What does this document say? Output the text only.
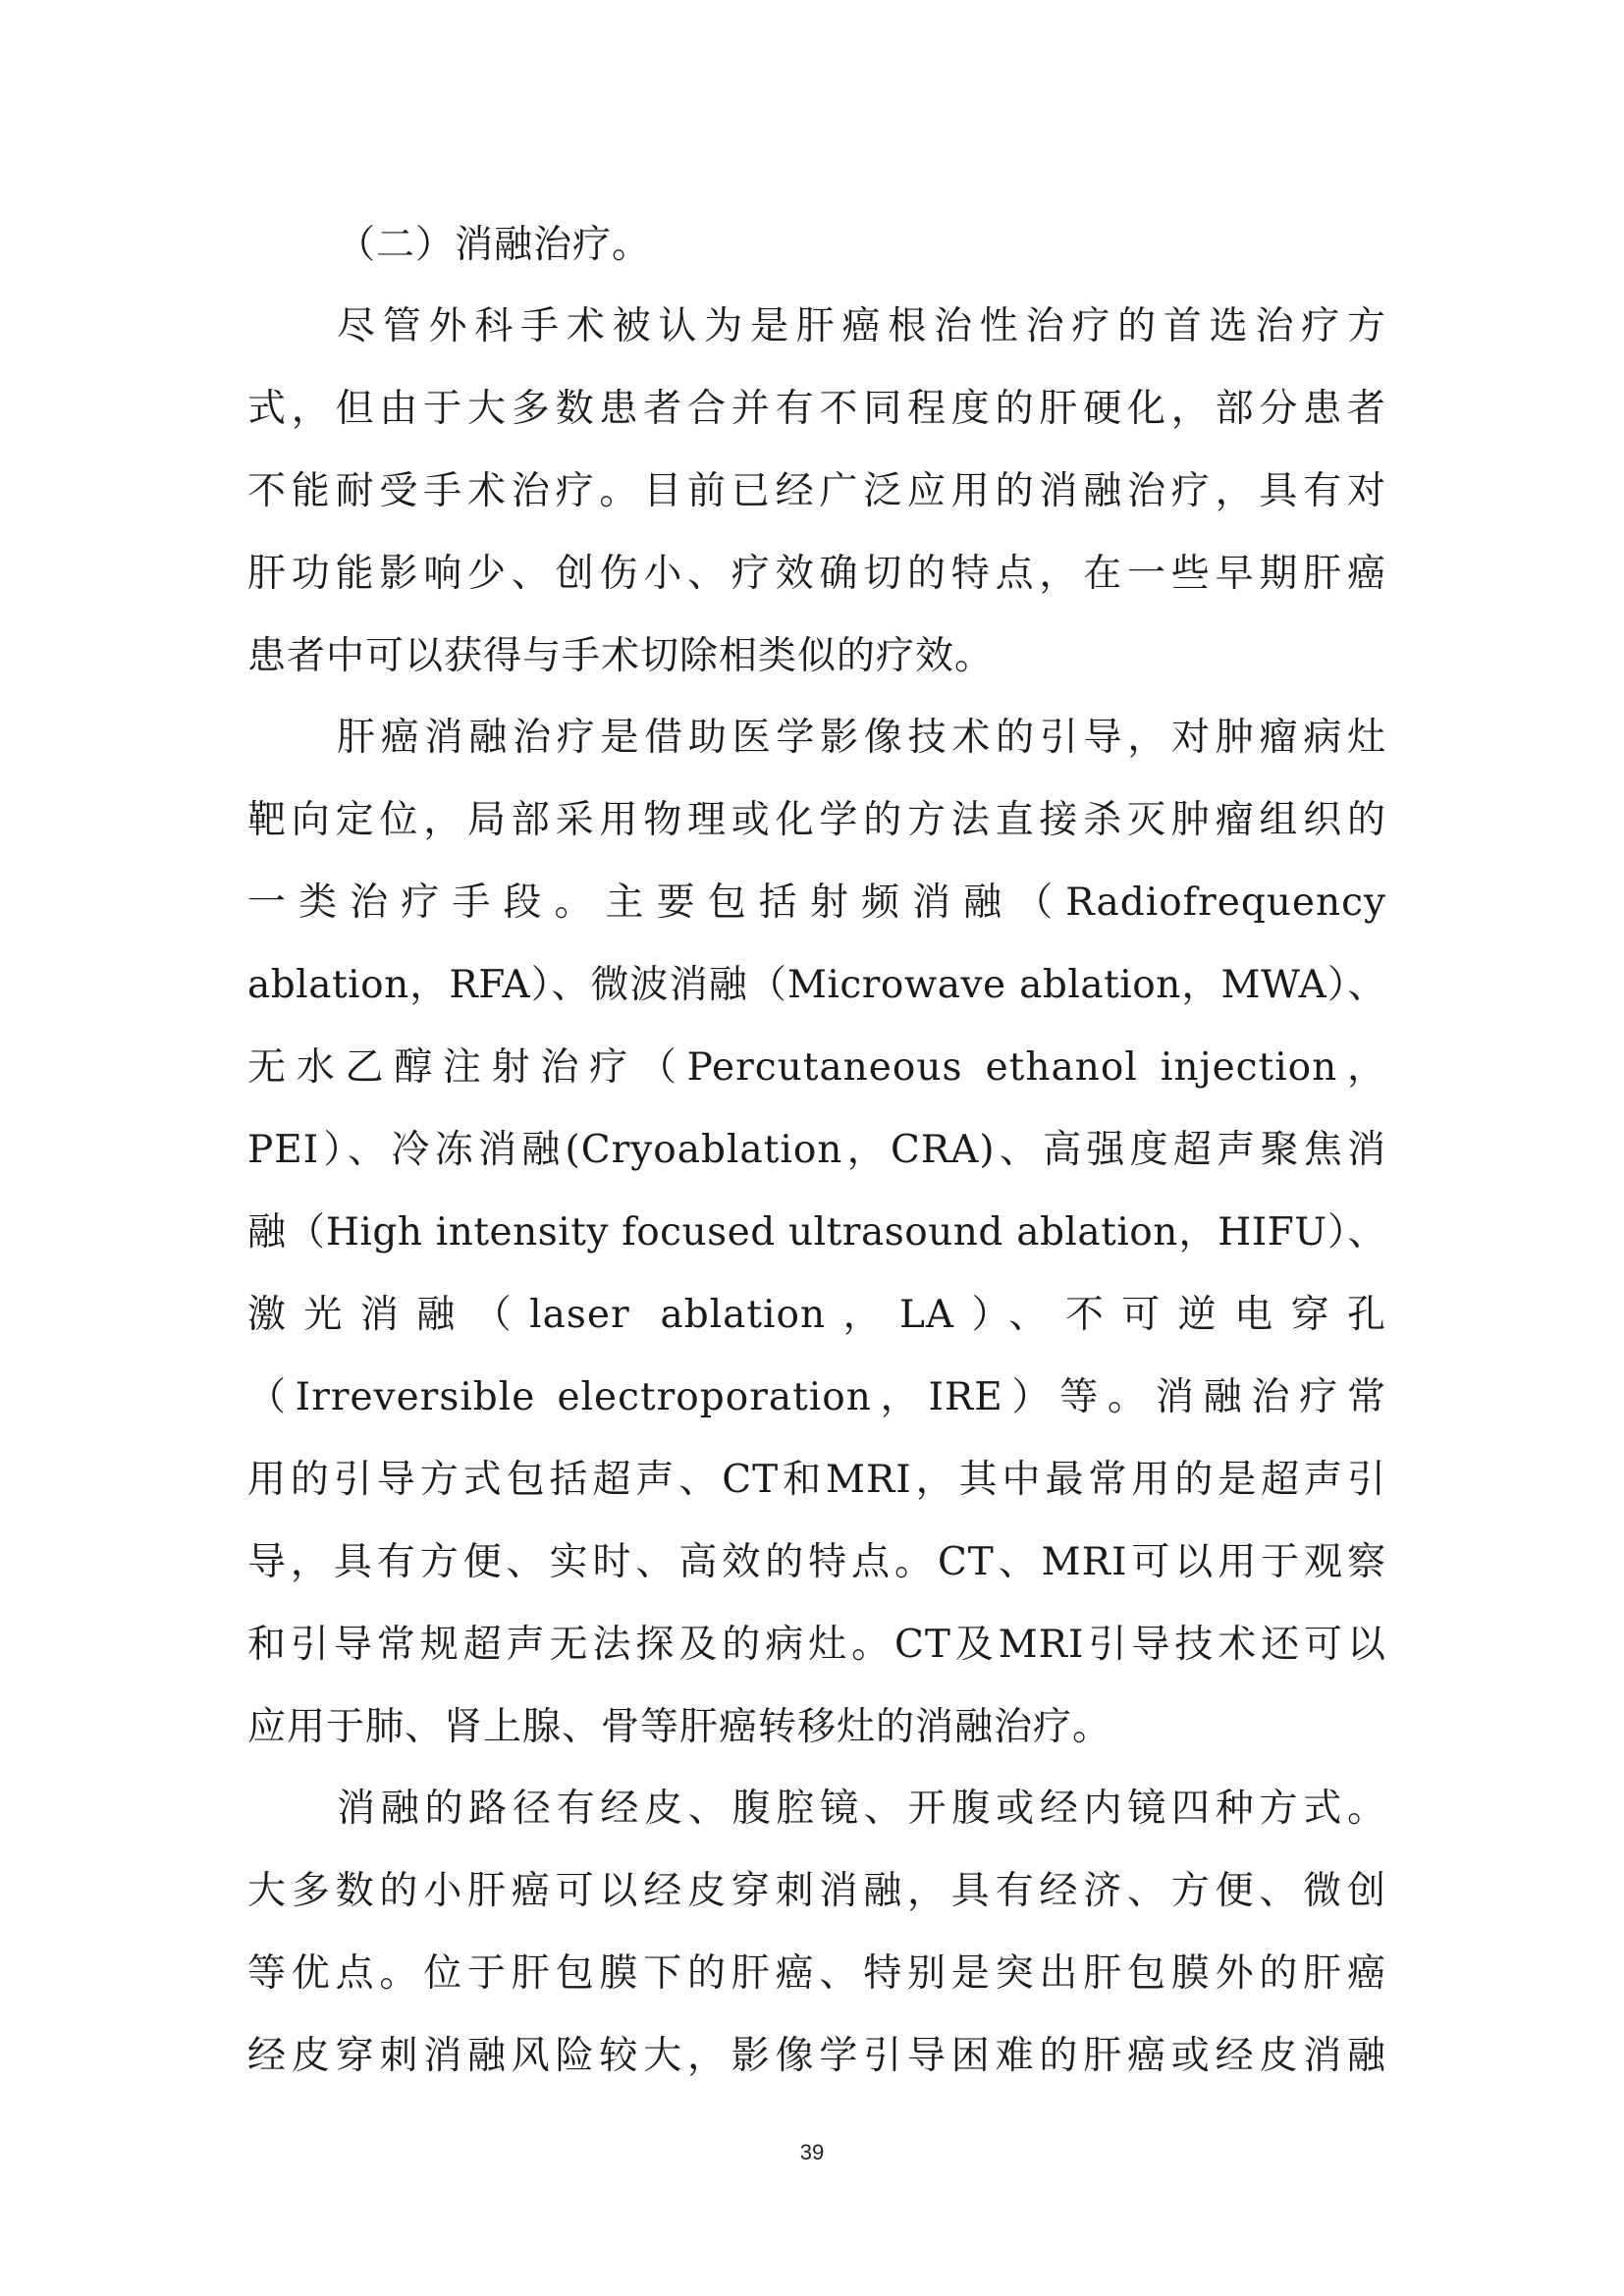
（二）消融治疗。
尽管外科手术被认为是肝癌根治性治疗的首选治疗方
式，但由于大多数患者合并有不同程度的肝硬化，部分患者
不能耐受手术治疗。目前已经广泛应用的消融治疗，具有对
肝功能影响少、创伤小、疗效确切的特点，在一些早期肝癌
患者中可以获得与手术切除相类似的疗效。
肝癌消融治疗是借助医学影像技术的引导，对肿瘤病灶
靶向定位，局部采用物理或化学的方法直接杀灭肿瘤组织的
一类治疗手段。主要包括射频消融（Radiofrequency
ablation，RFA）、微波消融（Microwave ablation，MWA）、
无水乙醇注射治疗（Percutaneous ethanol injection，
PEI）、冷冻消融(Cryoablation，CRA)、高强度超声聚焦消
融（High intensity focused ultrasound ablation，HIFU）、
激光消融（laser ablation，LA）、不可逆电穿孔
（Irreversible electroporation，IRE）等。消融治疗常
用的引导方式包括超声、CT和MRI，其中最常用的是超声引
导，具有方便、实时、高效的特点。CT、MRI可以用于观察
和引导常规超声无法探及的病灶。CT及MRI引导技术还可以
应用于肺、肾上腺、骨等肝癌转移灶的消融治疗。
消融的路径有经皮、腹腔镜、开腹或经内镜四种方式。
大多数的小肝癌可以经皮穿刺消融，具有经济、方便、微创
等优点。位于肝包膜下的肝癌、特别是突出肝包膜外的肝癌
经皮穿刺消融风险较大，影像学引导困难的肝癌或经皮消融
39
